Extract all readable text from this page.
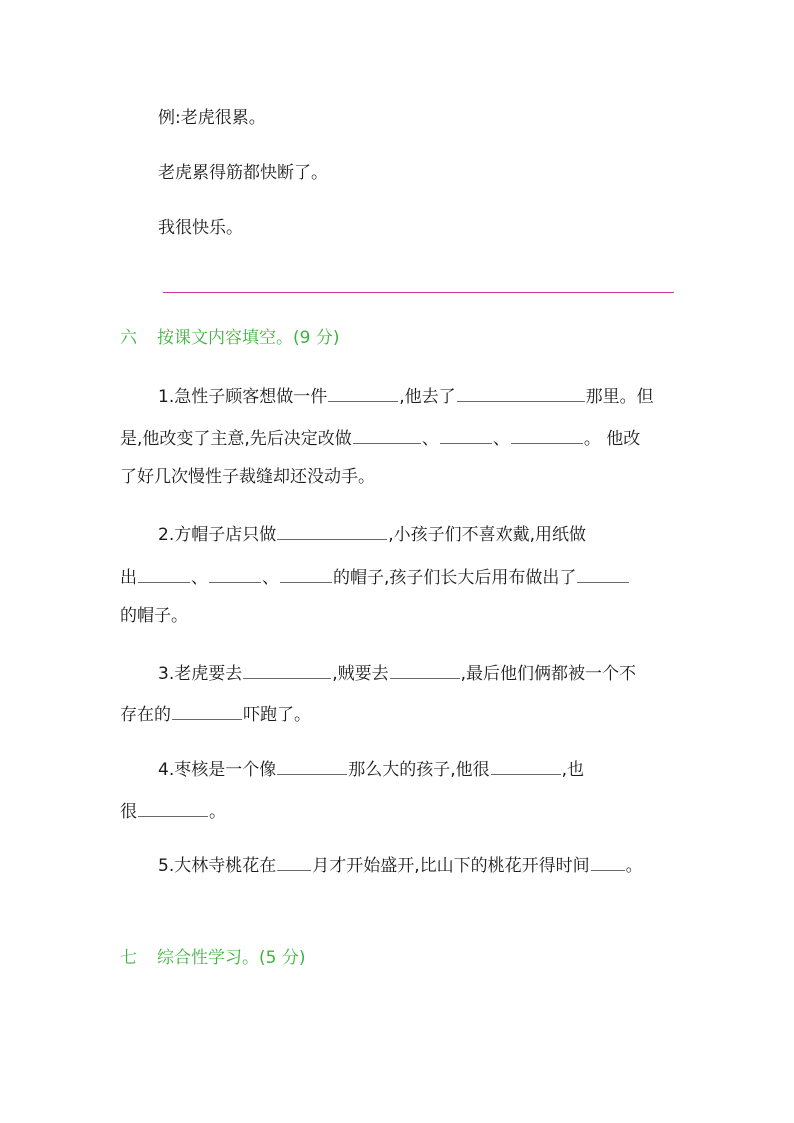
例:老虎很累。
老虎累得筋都快断了。
我很快乐。
六 按课文内容填空。(9 分)
1.急性子顾客想做一件	,他去了	那里。但
是,他改变了主意,先后决定改做	、	、	。 他改
了好几次慢性子裁缝却还没动手。
2.方帽子店只做	,小孩子们不喜欢戴,用纸做
出	、	、	的帽子,孩子们长大后用布做出了
的帽子。
3.老虎要去	,贼要去	,最后他们俩都被一个不
存在的	吓跑了。
4.枣核是一个像	那么大的孩子,他很	,也
很	。
5.大林寺桃花在 月才开始盛开,比山下的桃花开得时间 。
七 综合性学习。(5 分)
